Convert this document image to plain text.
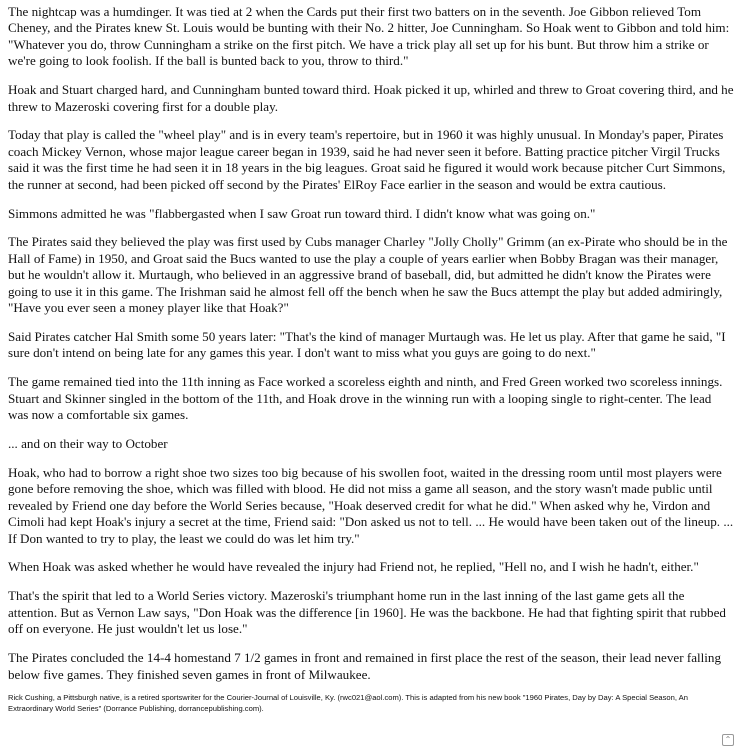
The nightcap was a humdinger. It was tied at 2 when the Cards put their first two batters on in the seventh. Joe Gibbon relieved Tom Cheney, and the Pirates knew St. Louis would be bunting with their No. 2 hitter, Joe Cunningham. So Hoak went to Gibbon and told him: "Whatever you do, throw Cunningham a strike on the first pitch. We have a trick play all set up for his bunt. But throw him a strike or we're going to look foolish. If the ball is bunted back to you, throw to third."

Hoak and Stuart charged hard, and Cunningham bunted toward third. Hoak picked it up, whirled and threw to Groat covering third, and he threw to Mazeroski covering first for a double play.

Today that play is called the "wheel play" and is in every team's repertoire, but in 1960 it was highly unusual. In Monday's paper, Pirates coach Mickey Vernon, whose major league career began in 1939, said he had never seen it before. Batting practice pitcher Virgil Trucks said it was the first time he had seen it in 18 years in the big leagues. Groat said he figured it would work because pitcher Curt Simmons, the runner at second, had been picked off second by the Pirates' ElRoy Face earlier in the season and would be extra cautious.

Simmons admitted he was "flabbergasted when I saw Groat run toward third. I didn't know what was going on."

The Pirates said they believed the play was first used by Cubs manager Charley "Jolly Cholly" Grimm (an ex-Pirate who should be in the Hall of Fame) in 1950, and Groat said the Bucs wanted to use the play a couple of years earlier when Bobby Bragan was their manager, but he wouldn't allow it. Murtaugh, who believed in an aggressive brand of baseball, did, but admitted he didn't know the Pirates were going to use it in this game. The Irishman said he almost fell off the bench when he saw the Bucs attempt the play but added admiringly, "Have you ever seen a money player like that Hoak?"

Said Pirates catcher Hal Smith some 50 years later: "That's the kind of manager Murtaugh was. He let us play. After that game he said, "I sure don't intend on being late for any games this year. I don't want to miss what you guys are going to do next."

The game remained tied into the 11th inning as Face worked a scoreless eighth and ninth, and Fred Green worked two scoreless innings. Stuart and Skinner singled in the bottom of the 11th, and Hoak drove in the winning run with a looping single to right-center. The lead was now a comfortable six games.

... and on their way to October

Hoak, who had to borrow a right shoe two sizes too big because of his swollen foot, waited in the dressing room until most players were gone before removing the shoe, which was filled with blood. He did not miss a game all season, and the story wasn't made public until revealed by Friend one day before the World Series because, "Hoak deserved credit for what he did." When asked why he, Virdon and Cimoli had kept Hoak's injury a secret at the time, Friend said: "Don asked us not to tell. ... He would have been taken out of the lineup. ... If Don wanted to try to play, the least we could do was let him try."

When Hoak was asked whether he would have revealed the injury had Friend not, he replied, "Hell no, and I wish he hadn't, either."

That's the spirit that led to a World Series victory. Mazeroski's triumphant home run in the last inning of the last game gets all the attention. But as Vernon Law says, "Don Hoak was the difference [in 1960]. He was the backbone. He had that fighting spirit that rubbed off on everyone. He just wouldn't let us lose."

The Pirates concluded the 14-4 homestand 7 1/2 games in front and remained in first place the rest of the season, their lead never falling below five games. They finished seven games in front of Milwaukee.

Rick Cushing, a Pittsburgh native, is a retired sportswriter for the Courier-Journal of Louisville, Ky. (rwc021@aol.com). This is adapted from his new book "1960 Pirates, Day by Day: A Special Season, An Extraordinary World Series" (Dorrance Publishing, dorrancepublishing.com).
⌃
